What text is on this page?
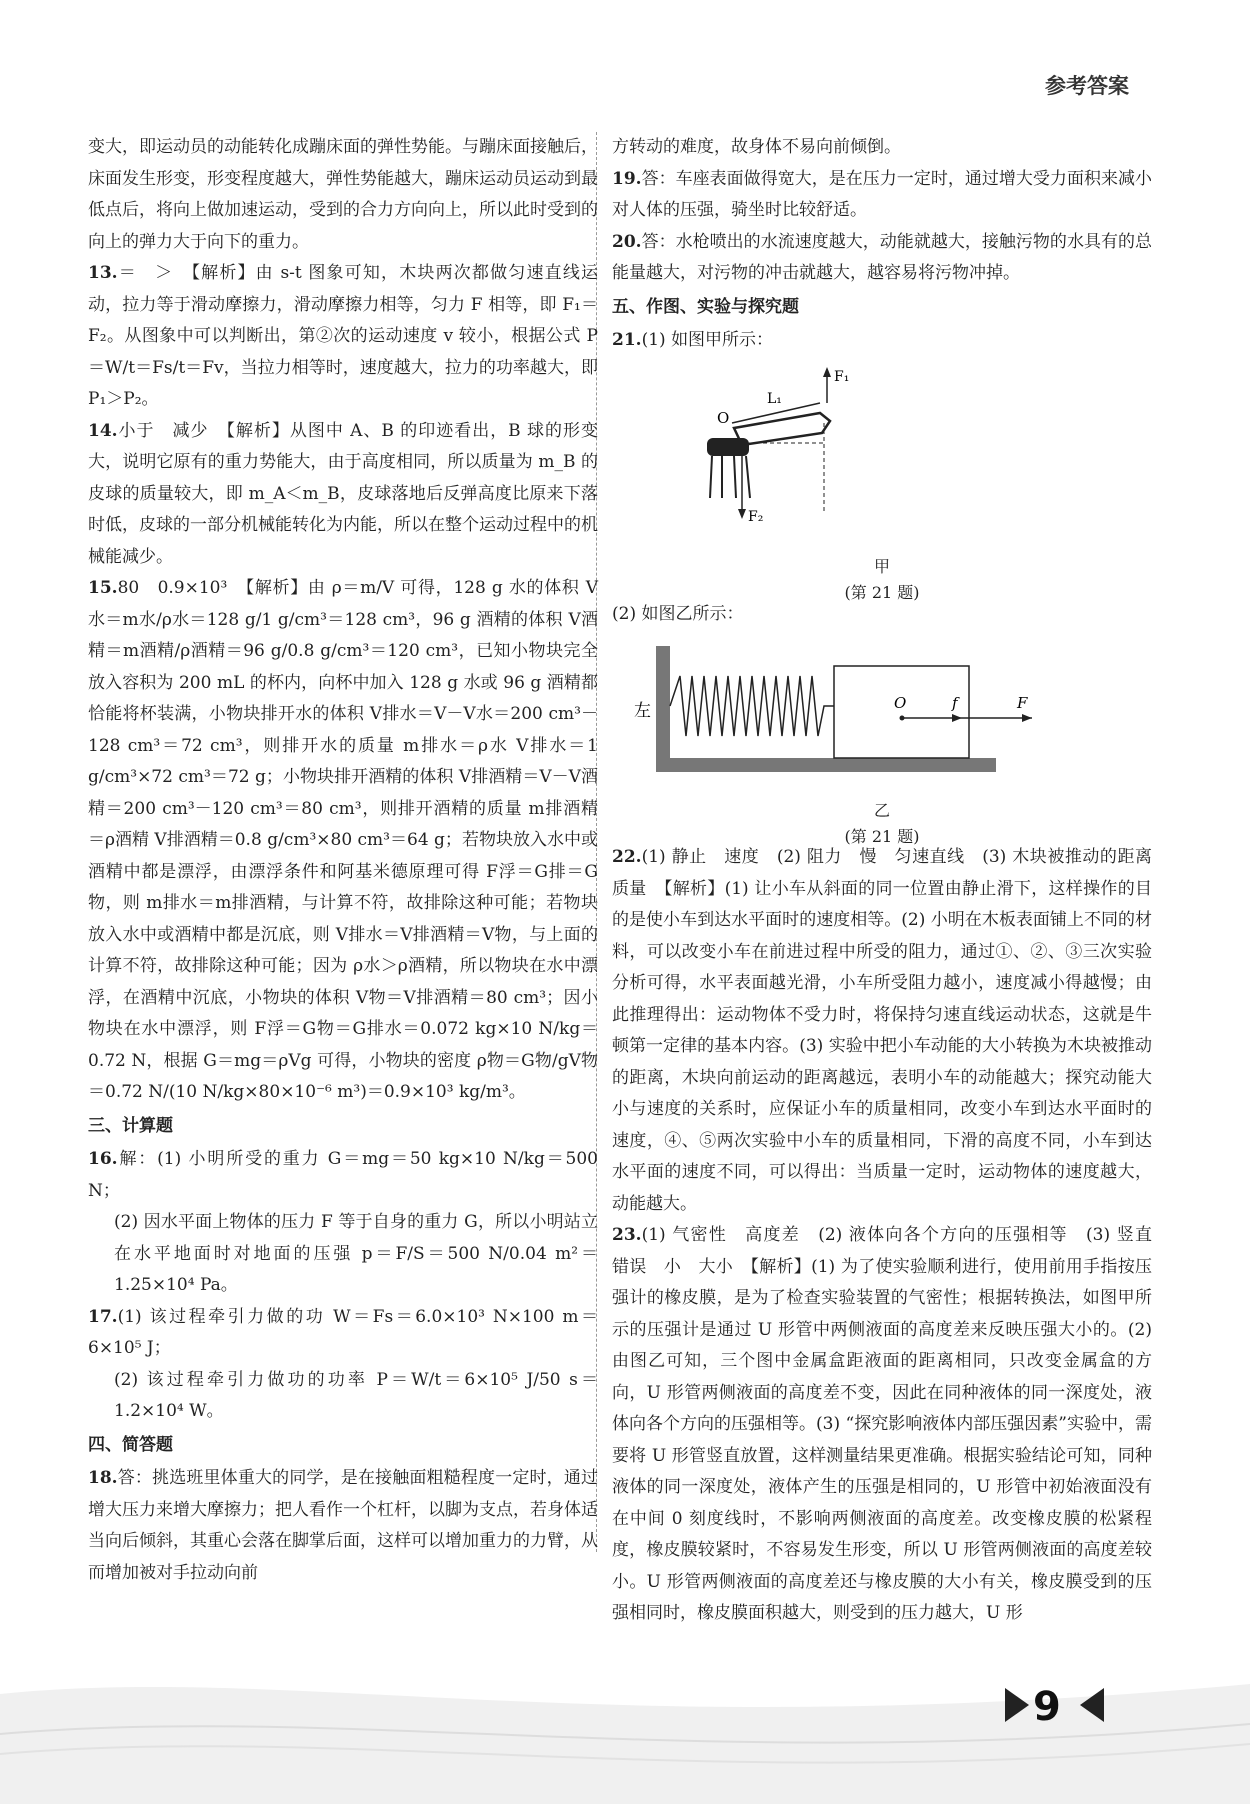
参考答案

变大，即运动员的动能转化成蹦床面的弹性势能。与蹦床面接触后，床面发生形变，形变程度越大，弹性势能越大，蹦床运动员运动到最低点后，将向上做加速运动，受到的合力方向向上，所以此时受到的向上的弹力大于向下的重力。

13.＝　＞　【解析】由 s-t 图象可知，木块两次都做匀速直线运动，拉力等于滑动摩擦力，滑动摩擦力相等，匀力 F 相等，即 F₁＝F₂。从图象中可以判断出，第②次的运动速度 v 较小，根据公式 P＝W/t＝Fs/t＝Fv，当拉力相等时，速度越大，拉力的功率越大，即 P₁＞P₂。

14.小于　减少　【解析】从图中 A、B 的印迹看出，B 球的形变大，说明它原有的重力势能大，由于高度相同，所以质量为 m_B 的皮球的质量较大，即 m_A＜m_B，皮球落地后反弹高度比原来下落时低，皮球的一部分机械能转化为内能，所以在整个运动过程中的机械能减少。

15.80　0.9×10³　【解析】由 ρ＝m/V 可得，128 g 水的体积 V水＝m水/ρ水＝128 g/1 g/cm³＝128 cm³，96 g 酒精的体积 V酒精＝m酒精/ρ酒精＝96 g/0.8 g/cm³＝120 cm³，已知小物块完全放入容积为 200 mL 的杯内，向杯中加入 128 g 水或 96 g 酒精都恰能将杯装满，小物块排开水的体积 V排水＝V－V水＝200 cm³－128 cm³＝72 cm³，则排开水的质量 m排水＝ρ水 V排水＝1 g/cm³×72 cm³＝72 g；小物块排开酒精的体积 V排酒精＝V－V酒精＝200 cm³－120 cm³＝80 cm³，则排开酒精的质量 m排酒精＝ρ酒精 V排酒精＝0.8 g/cm³×80 cm³＝64 g；若物块放入水中或酒精中都是漂浮，由漂浮条件和阿基米德原理可得 F浮＝G排＝G物，则 m排水＝m排酒精，与计算不符，故排除这种可能；若物块放入水中或酒精中都是沉底，则 V排水＝V排酒精＝V物，与上面的计算不符，故排除这种可能；因为 ρ水＞ρ酒精，所以物块在水中漂浮，在酒精中沉底，小物块的体积 V物＝V排酒精＝80 cm³；因小物块在水中漂浮，则 F浮＝G物＝G排水＝0.072 kg×10 N/kg＝0.72 N，根据 G＝mg＝ρVg 可得，小物块的密度 ρ物＝G物/gV物＝0.72 N/(10 N/kg×80×10⁻⁶ m³)＝0.9×10³ kg/m³。

三、计算题

16.解：(1) 小明所受的重力 G＝mg＝50 kg×10 N/kg＝500 N；

(2) 因水平面上物体的压力 F 等于自身的重力 G，所以小明站立在水平地面时对地面的压强 p＝F/S＝500 N/0.04 m²＝1.25×10⁴ Pa。

17.(1) 该过程牵引力做的功 W＝Fs＝6.0×10³ N×100 m＝6×10⁵ J；

(2) 该过程牵引力做功的功率 P＝W/t＝6×10⁵ J/50 s＝1.2×10⁴ W。

四、简答题

18.答：挑选班里体重大的同学，是在接触面粗糙程度一定时，通过增大压力来增大摩擦力；把人看作一个杠杆，以脚为支点，若身体适当向后倾斜，其重心会落在脚掌后面，这样可以增加重力的力臂，从而增加被对手拉动向前

方转动的难度，故身体不易向前倾倒。

19.答：车座表面做得宽大，是在压力一定时，通过增大受力面积来减小对人体的压强，骑坐时比较舒适。

20.答：水枪喷出的水流速度越大，动能就越大，接触污物的水具有的总能量越大，对污物的冲击就越大，越容易将污物冲掉。

五、作图、实验与探究题

21.(1) 如图甲所示：

F₁
L₁
O
F₂
甲
(第 21 题)

(2) 如图乙所示：

左	O	f	F
乙
(第 21 题)

22.(1) 静止　速度　(2) 阻力　慢　匀速直线　(3) 木块被推动的距离　质量　【解析】(1) 让小车从斜面的同一位置由静止滑下，这样操作的目的是使小车到达水平面时的速度相等。(2) 小明在木板表面铺上不同的材料，可以改变小车在前进过程中所受的阻力，通过①、②、③三次实验分析可得，水平表面越光滑，小车所受阻力越小，速度减小得越慢；由此推理得出：运动物体不受力时，将保持匀速直线运动状态，这就是牛顿第一定律的基本内容。(3) 实验中把小车动能的大小转换为木块被推动的距离，木块向前运动的距离越远，表明小车的动能越大；探究动能大小与速度的关系时，应保证小车的质量相同，改变小车到达水平面时的速度，④、⑤两次实验中小车的质量相同，下滑的高度不同，小车到达水平面的速度不同，可以得出：当质量一定时，运动物体的速度越大，动能越大。

23.(1) 气密性　高度差　(2) 液体向各个方向的压强相等　(3) 竖直　错误　小　大小　【解析】(1) 为了使实验顺利进行，使用前用手指按压强计的橡皮膜，是为了检查实验装置的气密性；根据转换法，如图甲所示的压强计是通过 U 形管中两侧液面的高度差来反映压强大小的。(2) 由图乙可知，三个图中金属盒距液面的距离相同，只改变金属盒的方向，U 形管两侧液面的高度差不变，因此在同种液体的同一深度处，液体向各个方向的压强相等。(3) “探究影响液体内部压强因素”实验中，需要将 U 形管竖直放置，这样测量结果更准确。根据实验结论可知，同种液体的同一深度处，液体产生的压强是相同的，U 形管中初始液面没有在中间 0 刻度线时，不影响两侧液面的高度差。改变橡皮膜的松紧程度，橡皮膜较紧时，不容易发生形变，所以 U 形管两侧液面的高度差较小。U 形管两侧液面的高度差还与橡皮膜的大小有关，橡皮膜受到的压强相同时，橡皮膜面积越大，则受到的压力越大，U 形

9
